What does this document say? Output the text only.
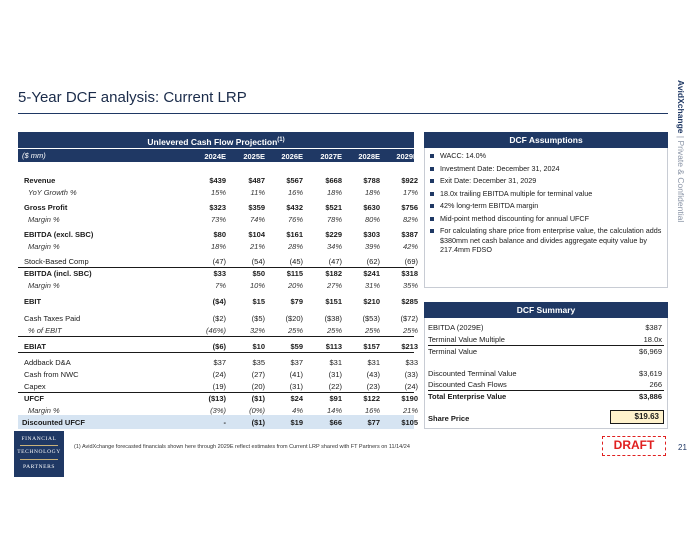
5-Year DCF analysis: Current LRP	AvidXchange | Private & Confidential
Unlevered Cash Flow Projection$^{(1)}$
($ mm)	2024E	2025E	2026E	2027E	2028E	2029E
Revenue	$439	$487	$567	$668	$788	$922
YoY Growth %	15%	11%	16%	18%	18%	17%
Gross Profit	$323	$359	$432	$521	$630	$756
Margin %	73%	74%	76%	78%	80%	82%
EBITDA (excl. SBC)	$80	$104	$161	$229	$303	$387
Margin %	18%	21%	28%	34%	39%	42%
Stock-Based Comp	(47)	(54)	(45)	(47)	(62)	(69)
EBITDA (incl. SBC)	$33	$50	$115	$182	$241	$318
Margin %	7%	10%	20%	27%	31%	35%
EBIT	($4)	$15	$79	$151	$210	$285
Cash Taxes Paid	($2)	($5)	($20)	($38)	($53)	($72)
% of EBIT	(46%)	32%	25%	25%	25%	25%
EBIAT	($6)	$10	$59	$113	$157	$213
Addback D&A	$37	$35	$37	$31	$31	$33
Cash from NWC	(24)	(27)	(41)	(31)	(43)	(33)
Capex	(19)	(20)	(31)	(22)	(23)	(24)
UFCF	($13)	($1)	$24	$91	$122	$190
Margin %	(3%)	(0%)	4%	14%	16%	21%
Discounted UFCF	-	($1)	$19	$66	$77	$105
DCF Assumptions
WACC: 14.0%
Investment Date: December 31, 2024
Exit Date: December 31, 2029
18.0x trailing EBITDA multiple for terminal value
42% long-term EBITDA margin
Mid-point method discounting for annual UFCF
For calculating share price from enterprise value, the calculation adds $380mm net cash balance and divides aggregate equity value by 217.4mm FDSO
DCF Summary
EBITDA (2029E)	$387
Terminal Value Multiple	18.0x
Terminal Value	$6,969
Discounted Terminal Value	$3,619
Discounted Cash Flows	266
Total Enterprise Value	$3,886
Share Price	$19.63
FINANCIAL
TECHNOLOGY
PARTNERS
(1) AvidXchange forecasted financials shown here through 2029E reflect estimates from Current LRP shared with FT Partners on 11/14/24	DRAFT	21
